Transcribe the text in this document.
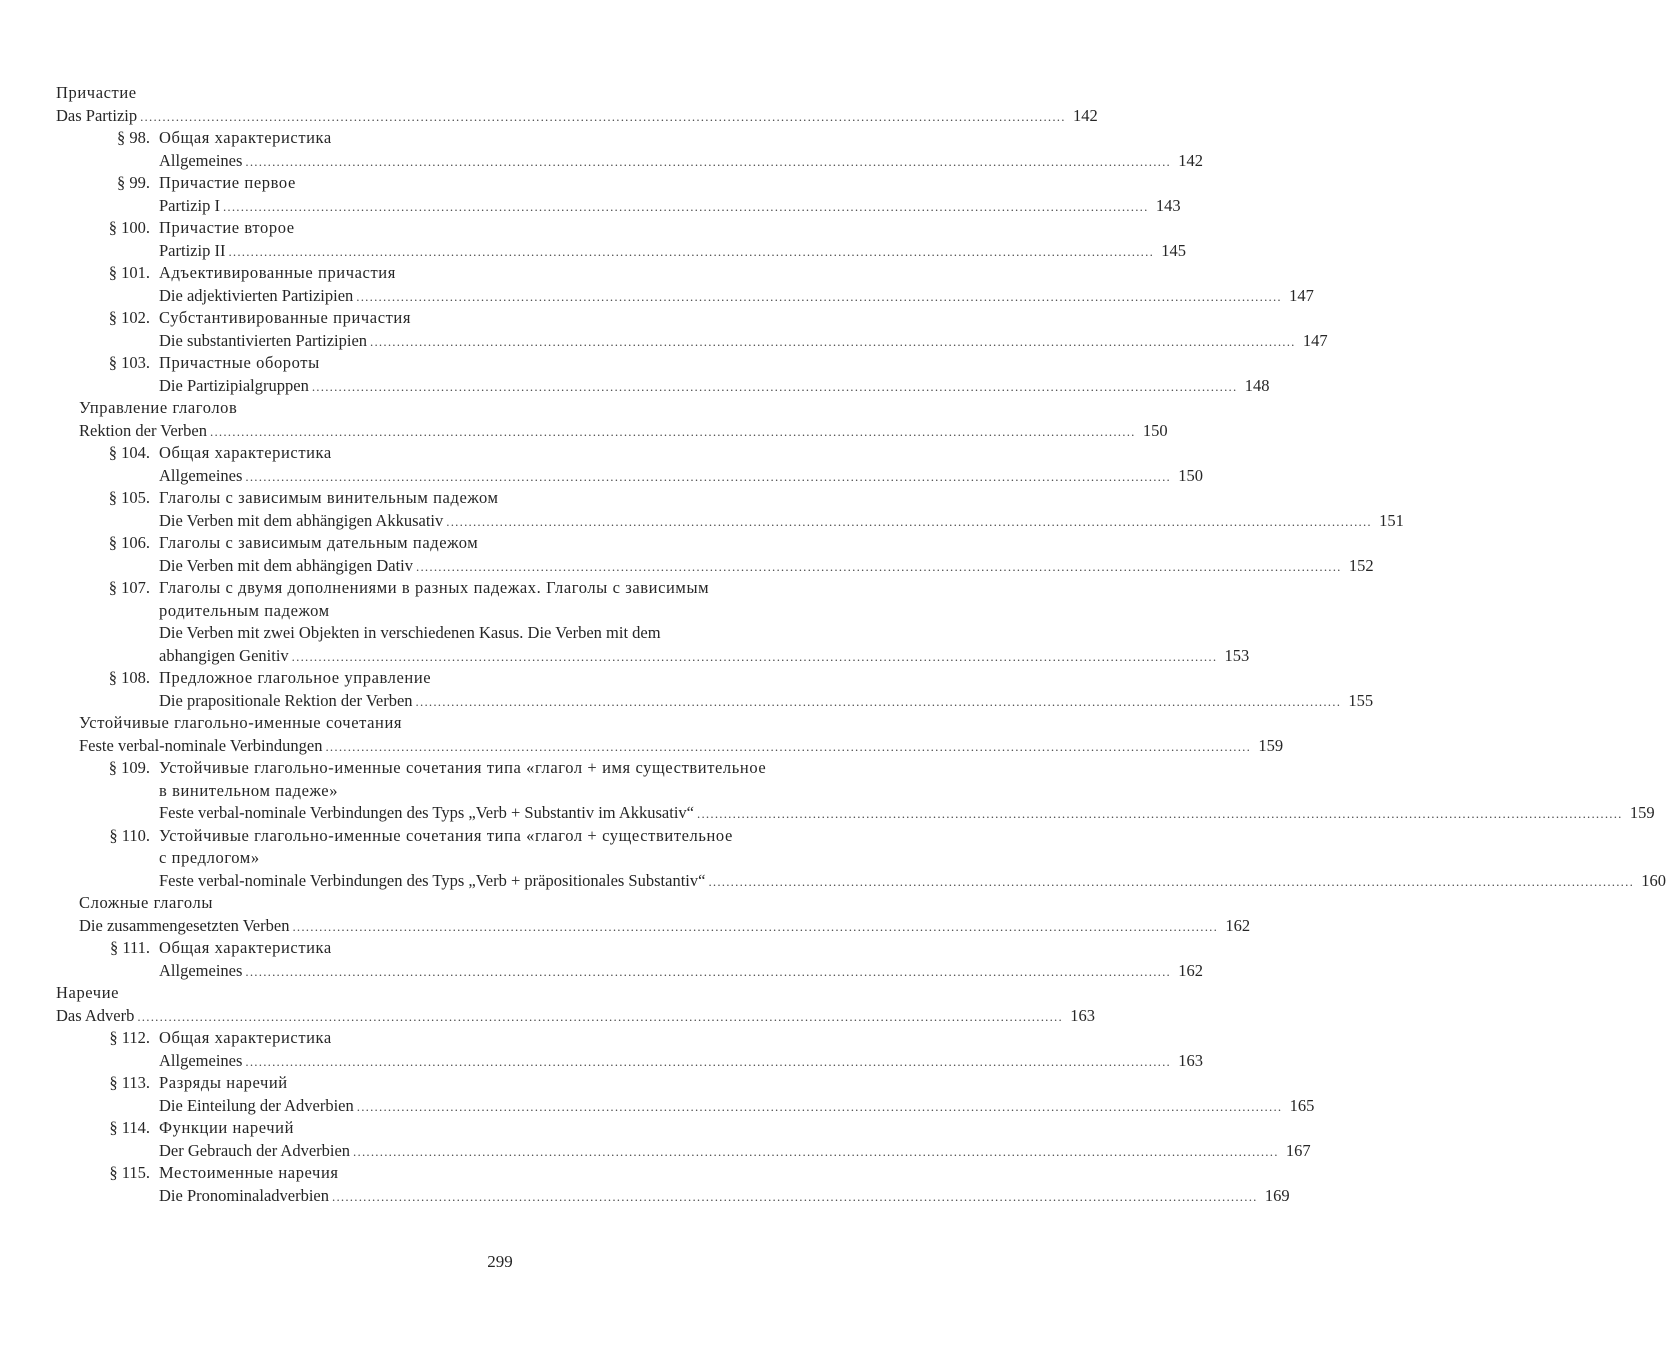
Причастие
Das Partizip ................................................................................................................................................................................................................ 142
§ 98. Общая характеристика
Allgemeines ................................................................................................................................................................................................................ 142
§ 99. Причастие первое
Partizip I ................................................................................................................................................................................................................ 143
§ 100. Причастие второе
Partizip II ................................................................................................................................................................................................................ 145
§ 101. Адъективированные причастия
Die adjektivierten Partizipien ................................................................................................................................................................................................................ 147
§ 102. Субстантивированные причастия
Die substantivierten Partizipien ................................................................................................................................................................................................................ 147
§ 103. Причастные обороты
Die Partizipialgruppen ................................................................................................................................................................................................................ 148
Управление глаголов
Rektion der Verben ................................................................................................................................................................................................................ 150
§ 104. Общая характеристика
Allgemeines ................................................................................................................................................................................................................ 150
§ 105. Глаголы с зависимым винительным падежом
Die Verben mit dem abhängigen Akkusativ ................................................................................................................................................................................................................ 151
§ 106. Глаголы с зависимым дательным падежом
Die Verben mit dem abhängigen Dativ ................................................................................................................................................................................................................ 152
§ 107. Глаголы с двумя дополнениями в разных падежах. Глаголы с зависимым
родительным падежом
Die Verben mit zwei Objekten in verschiedenen Kasus. Die Verben mit dem
abhangigen Genitiv ................................................................................................................................................................................................................ 153
§ 108. Предложное глагольное управление
Die prapositionale Rektion der Verben ................................................................................................................................................................................................................ 155
Устойчивые глагольно-именные сочетания
Feste verbal-nominale Verbindungen ................................................................................................................................................................................................................ 159
§ 109. Устойчивые глагольно-именные сочетания типа «глагол + имя существительное
в винительном падеже»
Feste verbal-nominale Verbindungen des Typs „Verb + Substantiv im Akkusativ“ ................................................................................................................................................................................................................ 159
§ 110. Устойчивые глагольно-именные сочетания типа «глагол + существительное
с предлогом»
Feste verbal-nominale Verbindungen des Typs „Verb + präpositionales Substantiv“ ................................................................................................................................................................................................................ 160
Сложные глаголы
Die zusammengesetzten Verben ................................................................................................................................................................................................................ 162
§ 111. Общая характеристика
Allgemeines ................................................................................................................................................................................................................ 162
Наречие
Das Adverb ................................................................................................................................................................................................................ 163
§ 112. Общая характеристика
Allgemeines ................................................................................................................................................................................................................ 163
§ 113. Разряды наречий
Die Einteilung der Adverbien ................................................................................................................................................................................................................ 165
§ 114. Функции наречий
Der Gebrauch der Adverbien ................................................................................................................................................................................................................ 167
§ 115. Местоименные наречия
Die Pronominaladverbien ................................................................................................................................................................................................................ 169
299
